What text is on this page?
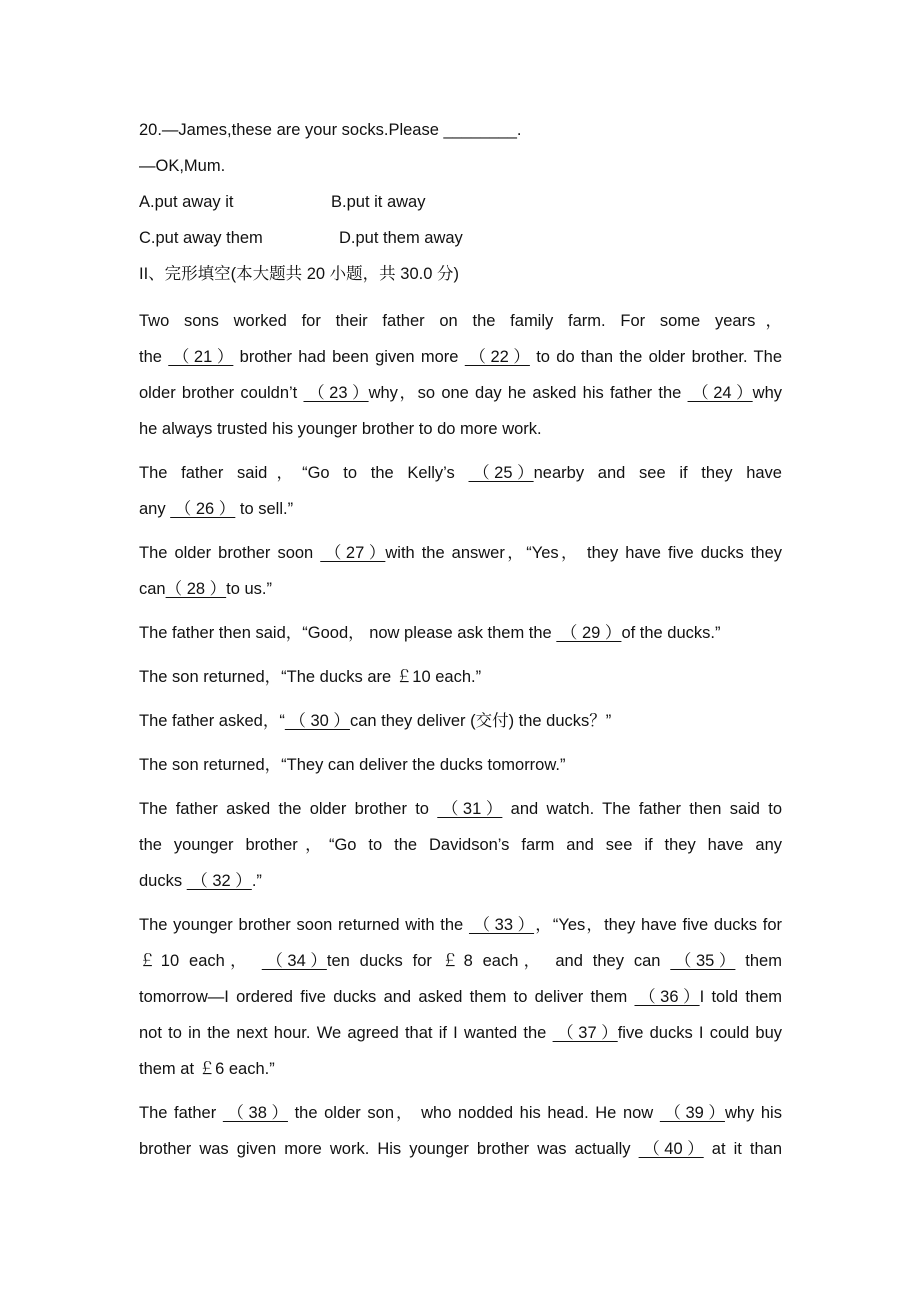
20.—James,these are your socks.Please ________.
—OK,Mum.
A.put away it	B.put it away
C.put away them	D.put them away
II、完形填空(本大题共 20 小题，共 30.0 分)
Two sons worked for their father on the family farm. For some years，
the  （ 21 ） brother had been given more  （ 22 ） to do than the older brother. The
older brother couldn’t  （ 23 ）why，so one day he asked his father the  （ 24 ）why
he always trusted his younger brother to do more work.
The father said，“Go to the Kelly’s  （ 25 ）nearby and see if they have
any  （ 26 ） to sell.”
The older brother soon  （ 27 ）with the answer，“Yes， they have five ducks they
can（ 28 ）to us.”
The father then said，“Good， now please ask them the  （ 29 ）of the ducks.”
The son returned，“The ducks are ￡10 each.”
The father asked，“ （ 30 ）can they deliver (交付) the ducks？”
The son returned，“They can deliver the ducks tomorrow.”
The father asked the older brother to  （ 31 ） and watch. The father then said to
the younger brother，“Go to the Davidson’s farm and see if they have any
ducks  （ 32 ）.”
The younger brother soon returned with the  （ 33 ），“Yes，they have five ducks for
￡10 each，  （ 34 ）ten ducks for ￡8 each， and they can  （ 35 ） them
tomorrow—I ordered five ducks and asked them to deliver them  （ 36 ）I told them
not to in the next hour. We agreed that if I wanted the  （ 37 ）five ducks I could buy
them at ￡6 each.”
The father  （ 38 ） the older son， who nodded his head. He now  （ 39 ）why his
brother was given more work. His younger brother was actually  （ 40 ） at it than
